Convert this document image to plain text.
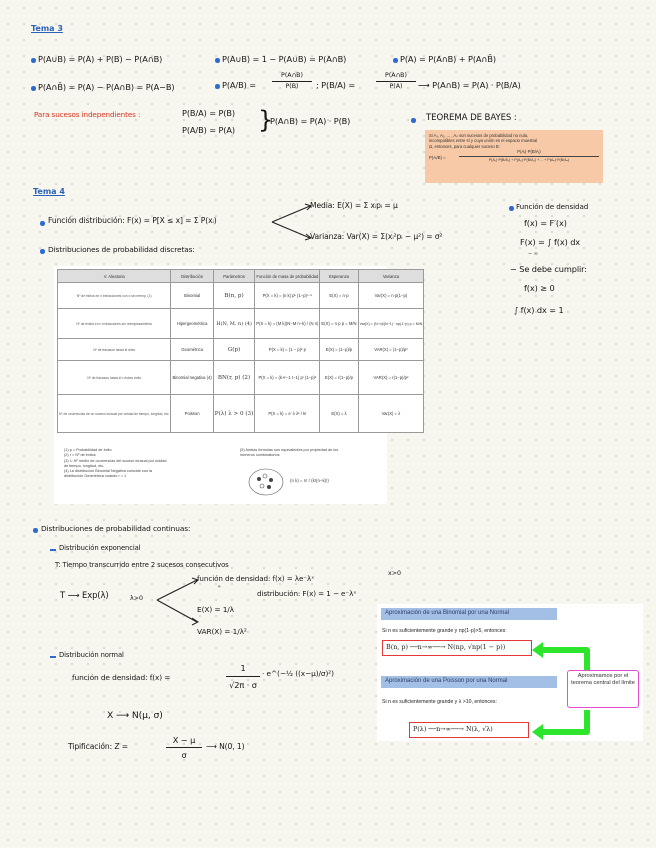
Tema 3
P(A∪B) = P(A) + P(B) − P(A∩B)	P(A∪B) = 1 − P(A∪B) = P(A∩B)	P(A) = P(A∩B) + P(A∩B̄)
P(A∩B̄) = P(A) − P(A∩B) = P(A−B)	P(A/B) =
P(A∩B)
P(B)	; P(B/A) =
P(A∩B)
P(A)	⟶ P(A∩B) = P(A) · P(B/A)
Para sucesos independientes :	P(B/A) = P(B)
P(A/B) = P(A) }
P(A∩B) = P(A) · P(B)	TEOREMA DE BAYES :
Si A₁, A₂, ... , Aₙ son sucesos de probabilidad no nula,
incompatibles entre sí y cuya unión es el espacio muestral
Ω, entonces, para cualquier suceso B:
P(Aᵢ/B) =
P(Aᵢ)·P(B/Aᵢ)
P(A₁)·P(B/A₁) + P(A₂)·P(B/A₂) + ... + P(Aₙ)·P(B/Aₙ)
Tema 4
Función distribución: F(x) = P[X ≤ x] = Σ P(xᵢ)
Media: E(X) = Σ xᵢpᵢ = μ
Varianza: Var(X) = Σ(xᵢ²pᵢ − μ²) = σ²
Función de densidad
f(x) = F′(x)
F(x) = ∫ f(x) dx
− ∞
− Se debe cumplir:
f(x) ≥ 0
∫ f(x) dx = 1
Distribuciones de probabilidad discretas:
V. Aleatoria	Distribución	Parámetros	Función de masa de probabilidad	Esperanza	Varianza
Nº de éxitos en n extracciones con o sin reemp. (1)	Binomial	B(n, p)	P(X = k) = (n k) pᵏ (1−p)ⁿ⁻ᵏ	E(X) = n·p	Var(X) = n·p(1−p)
Nº de éxitos en n extracciones sin reemplazamiento	Hipergeométrica	H(N, M, n) (4)	P(X = k) = (M k)(N−M n−k) / (N n)	E(X) = n·p p = M/N	Var(X) = (N−n)/(N−1) · np(1−p) p = M/N
Nº de fracasos hasta el éxito	Geométrica	G(p)	P(X = k) = (1 − p)ᵏ p	E(X) = (1−p)/p	VAR(X) = (1−p)/p²
Nº de fracasos hasta el r-ésimo éxito	Binomial negativa (4)	BN(r, p) (2)	P(X = k) = (k+r−1 r−1) pʳ (1−p)ᵏ	E(X) = r(1−p)/p	VAR(X) = r(1−p)/p²
Nº de ocurrencias de un suceso inusual por unidad de tiempo, longitud, etc.	Poisson	P(λ) λ > 0 (3)	P(X = k) = e⁻λ λᵏ / k!	E(X) = λ	Var(X) = λ
(1) p = Probabilidad de éxito
(2) r = Nº de éxitos
(3) λ: Nº medio de ocurrencias del suceso inusual por unidad
de tiempo, longitud, etc.
(4) La distribución Binomial Negativa coincide con la
distribución Geométrica cuando r = 1
(5) Ambas fórmulas son equivalentes por propiedad de los
números combinatorios
(n k) = n! / (k!(n−k)!)
Distribuciones de probabilidad continuas:
Distribución exponencial
T: Tiempo transcurrido entre 2 sucesos consecutivos
T ⟶ Exp(λ)	λ>0
función de densidad: f(x) = λe⁻λˣ
x>0
"
distribución: F(x) = 1 − e⁻λˣ
E(X) = 1/λ
VAR(X) = 1/λ²
Distribución normal
función de densidad: f(x) =
1
√2π · σ
· e^(−½ ((x−μ)/σ)²)
X ⟶ N(μ, σ)
Tipificación: Z =
X − μ
σ
⟶ N(0, 1)
Aproximación de una Binomial por una Normal
Si n es suficientemente grande y np(1-p)>5, entonces:
B(n, p) ──n→∞──→ N(np, √np(1 − p))
Aproximación de una Poisson por una Normal
Si n es suficientemente grande y λ >10, entonces:
P(λ) ──n→∞──→ N(λ, √λ)
Aproximamos por el teorema central del límite
